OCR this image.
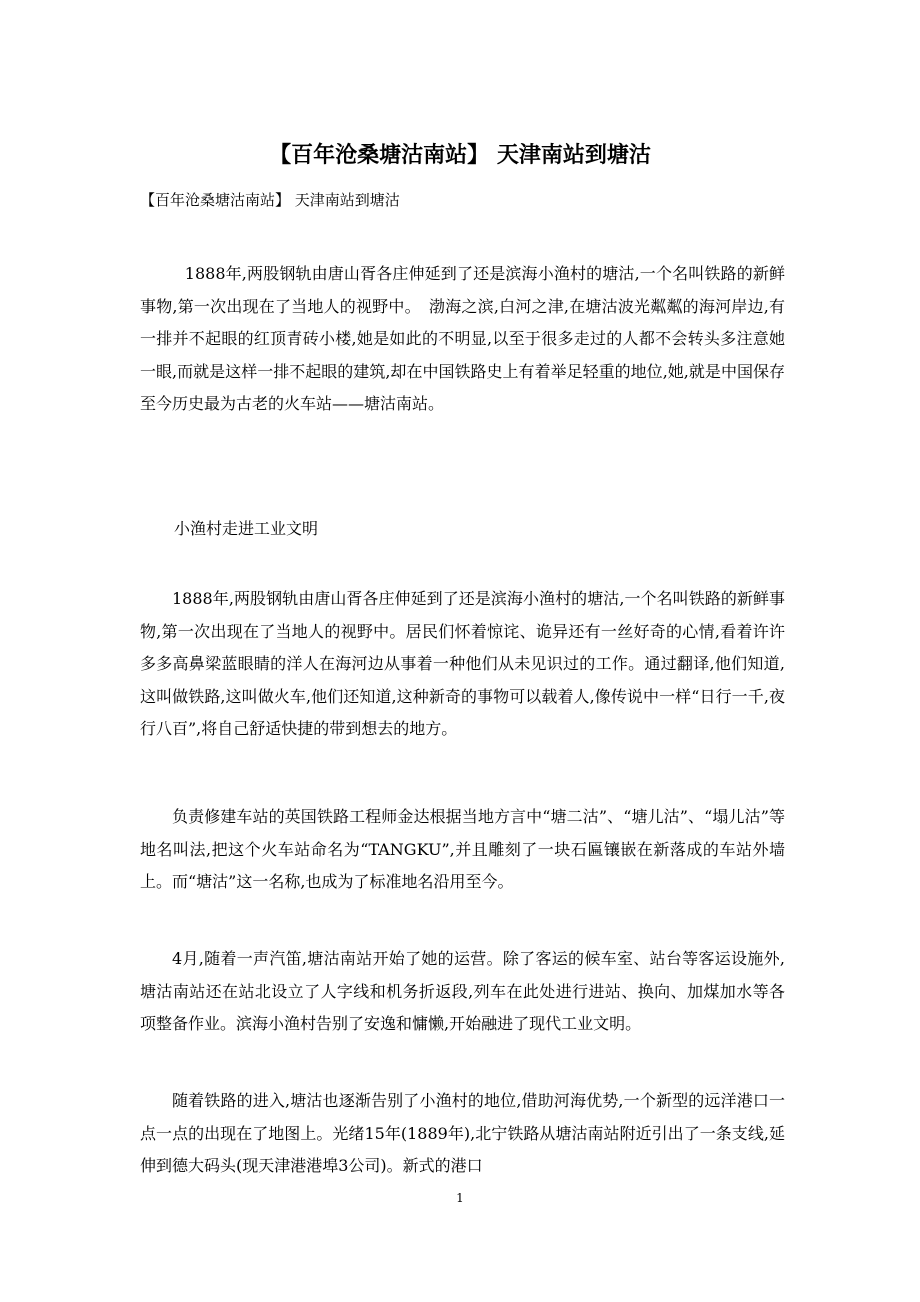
【百年沧桑塘沽南站】 天津南站到塘沽

【百年沧桑塘沽南站】 天津南站到塘沽

1888年,两股钢轨由唐山胥各庄伸延到了还是滨海小渔村的塘沽,一个名叫铁路的新鲜事物,第一次出现在了当地人的视野中。　渤海之滨,白河之津,在塘沽波光粼粼的海河岸边,有一排并不起眼的红顶青砖小楼,她是如此的不明显,以至于很多走过的人都不会转头多注意她一眼,而就是这样一排不起眼的建筑,却在中国铁路史上有着举足轻重的地位,她,就是中国保存至今历史最为古老的火车站——塘沽南站。

小渔村走进工业文明

1888年,两股钢轨由唐山胥各庄伸延到了还是滨海小渔村的塘沽,一个名叫铁路的新鲜事物,第一次出现在了当地人的视野中。居民们怀着惊诧、诡异还有一丝好奇的心情,看着许许多多高鼻梁蓝眼睛的洋人在海河边从事着一种他们从未见识过的工作。通过翻译,他们知道,这叫做铁路,这叫做火车,他们还知道,这种新奇的事物可以载着人,像传说中一样“日行一千,夜行八百”,将自己舒适快捷的带到想去的地方。

负责修建车站的英国铁路工程师金达根据当地方言中“塘二沽”、“塘儿沽”、“塌儿沽”等地名叫法,把这个火车站命名为“TANGKU”,并且雕刻了一块石匾镶嵌在新落成的车站外墙上。而“塘沽”这一名称,也成为了标准地名沿用至今。

4月,随着一声汽笛,塘沽南站开始了她的运营。除了客运的候车室、站台等客运设施外,塘沽南站还在站北设立了人字线和机务折返段,列车在此处进行进站、换向、加煤加水等各项整备作业。滨海小渔村告别了安逸和慵懒,开始融进了现代工业文明。

随着铁路的进入,塘沽也逐渐告别了小渔村的地位,借助河海优势,一个新型的远洋港口一点一点的出现在了地图上。光绪15年(1889年),北宁铁路从塘沽南站附近引出了一条支线,延伸到德大码头(现天津港港埠3公司)。新式的港口

1
